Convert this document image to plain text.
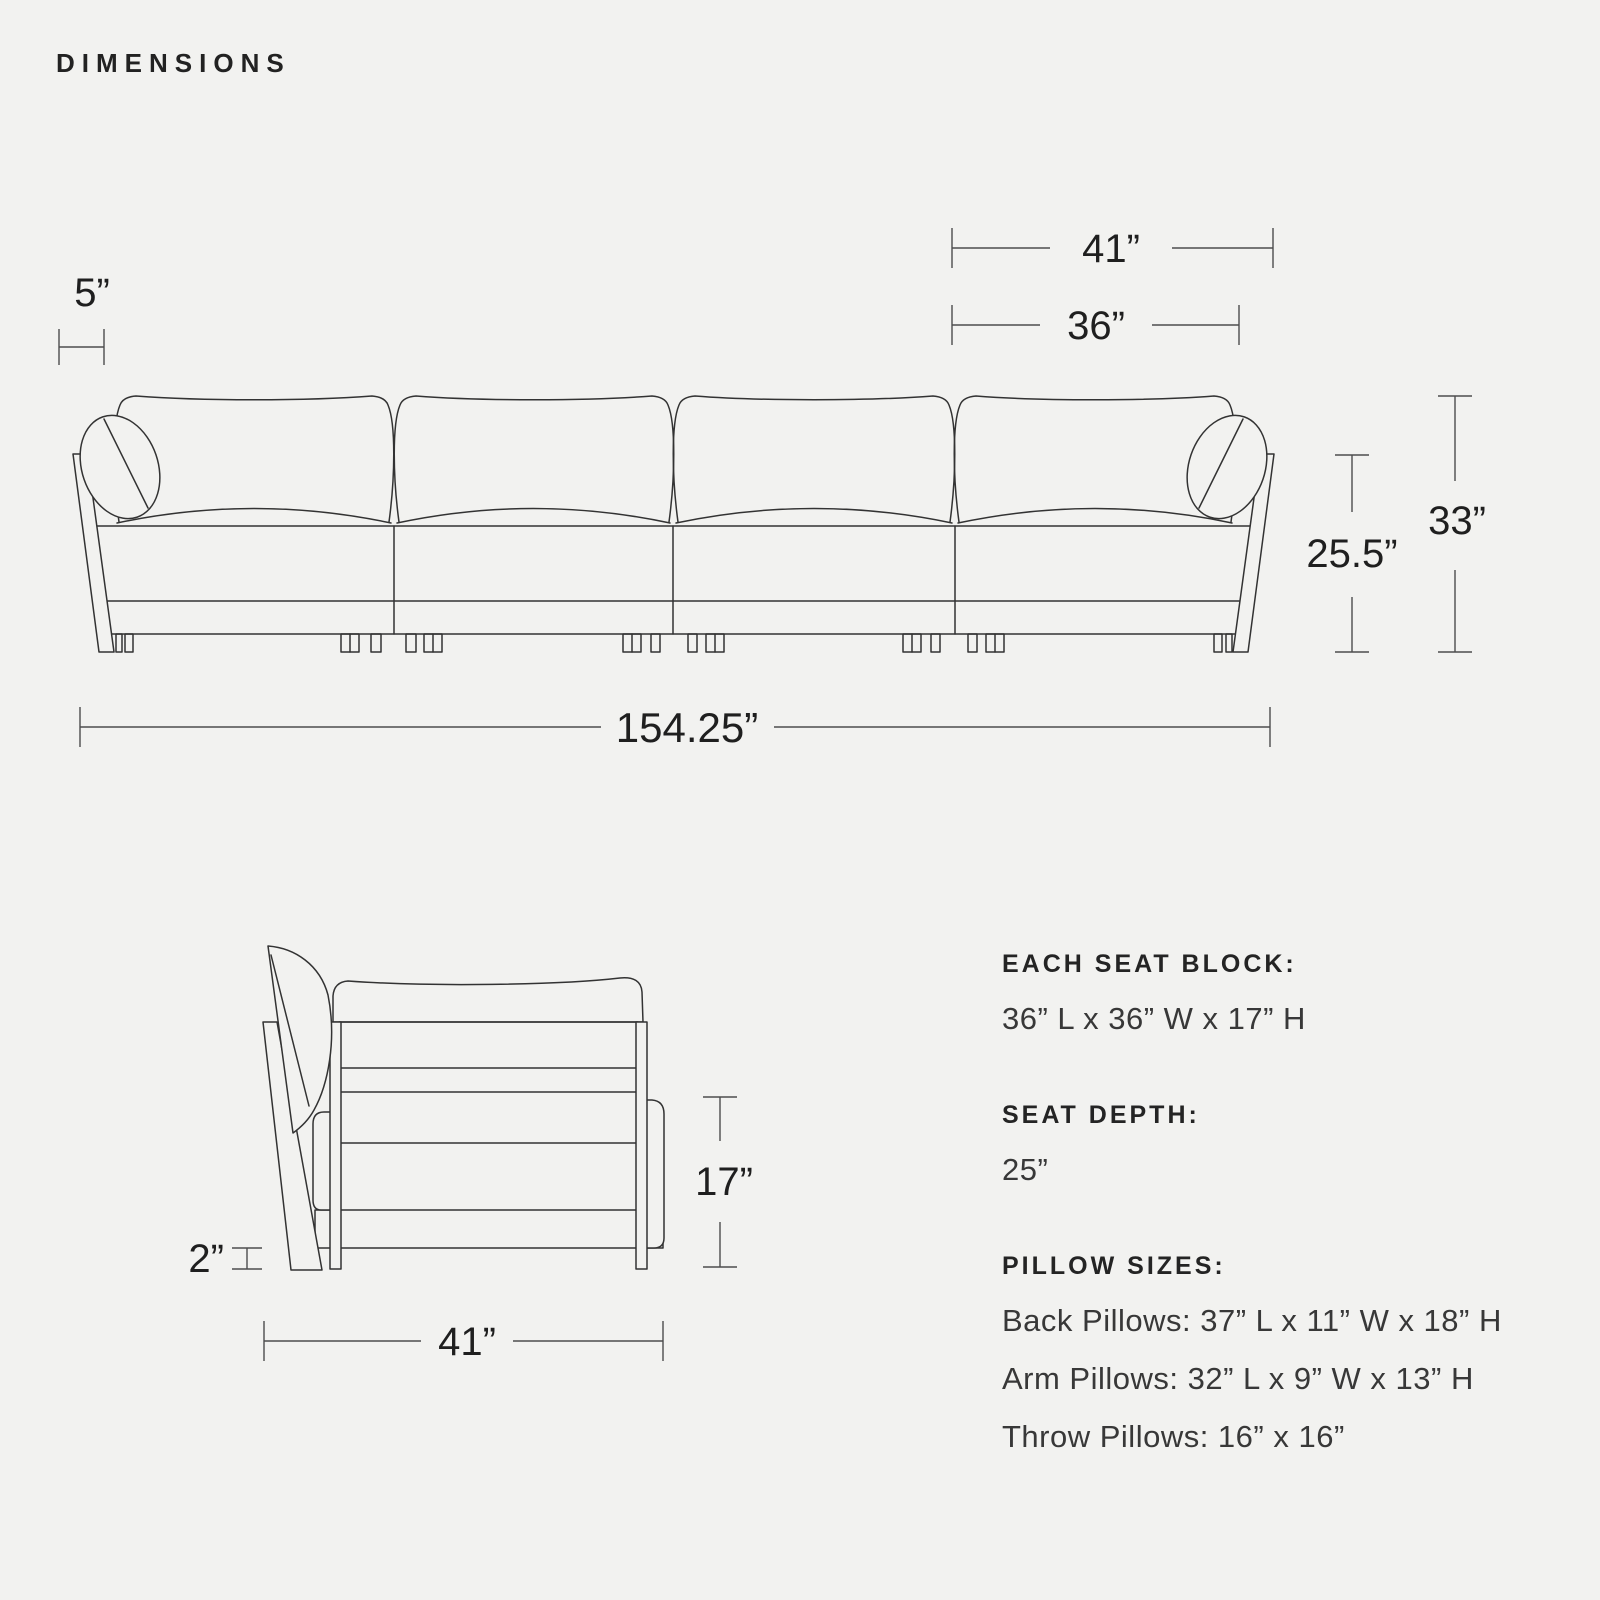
DIMENSIONS
5”
41”
36”
25.5”
33”
154.25”
2”
17”
41”
EACH SEAT BLOCK:
36” L x 36” W x 17” H
SEAT DEPTH:
25”
PILLOW SIZES:
Back Pillows: 37” L x 11” W x 18” H
Arm Pillows: 32” L x 9” W x 13” H
Throw Pillows: 16” x 16”
